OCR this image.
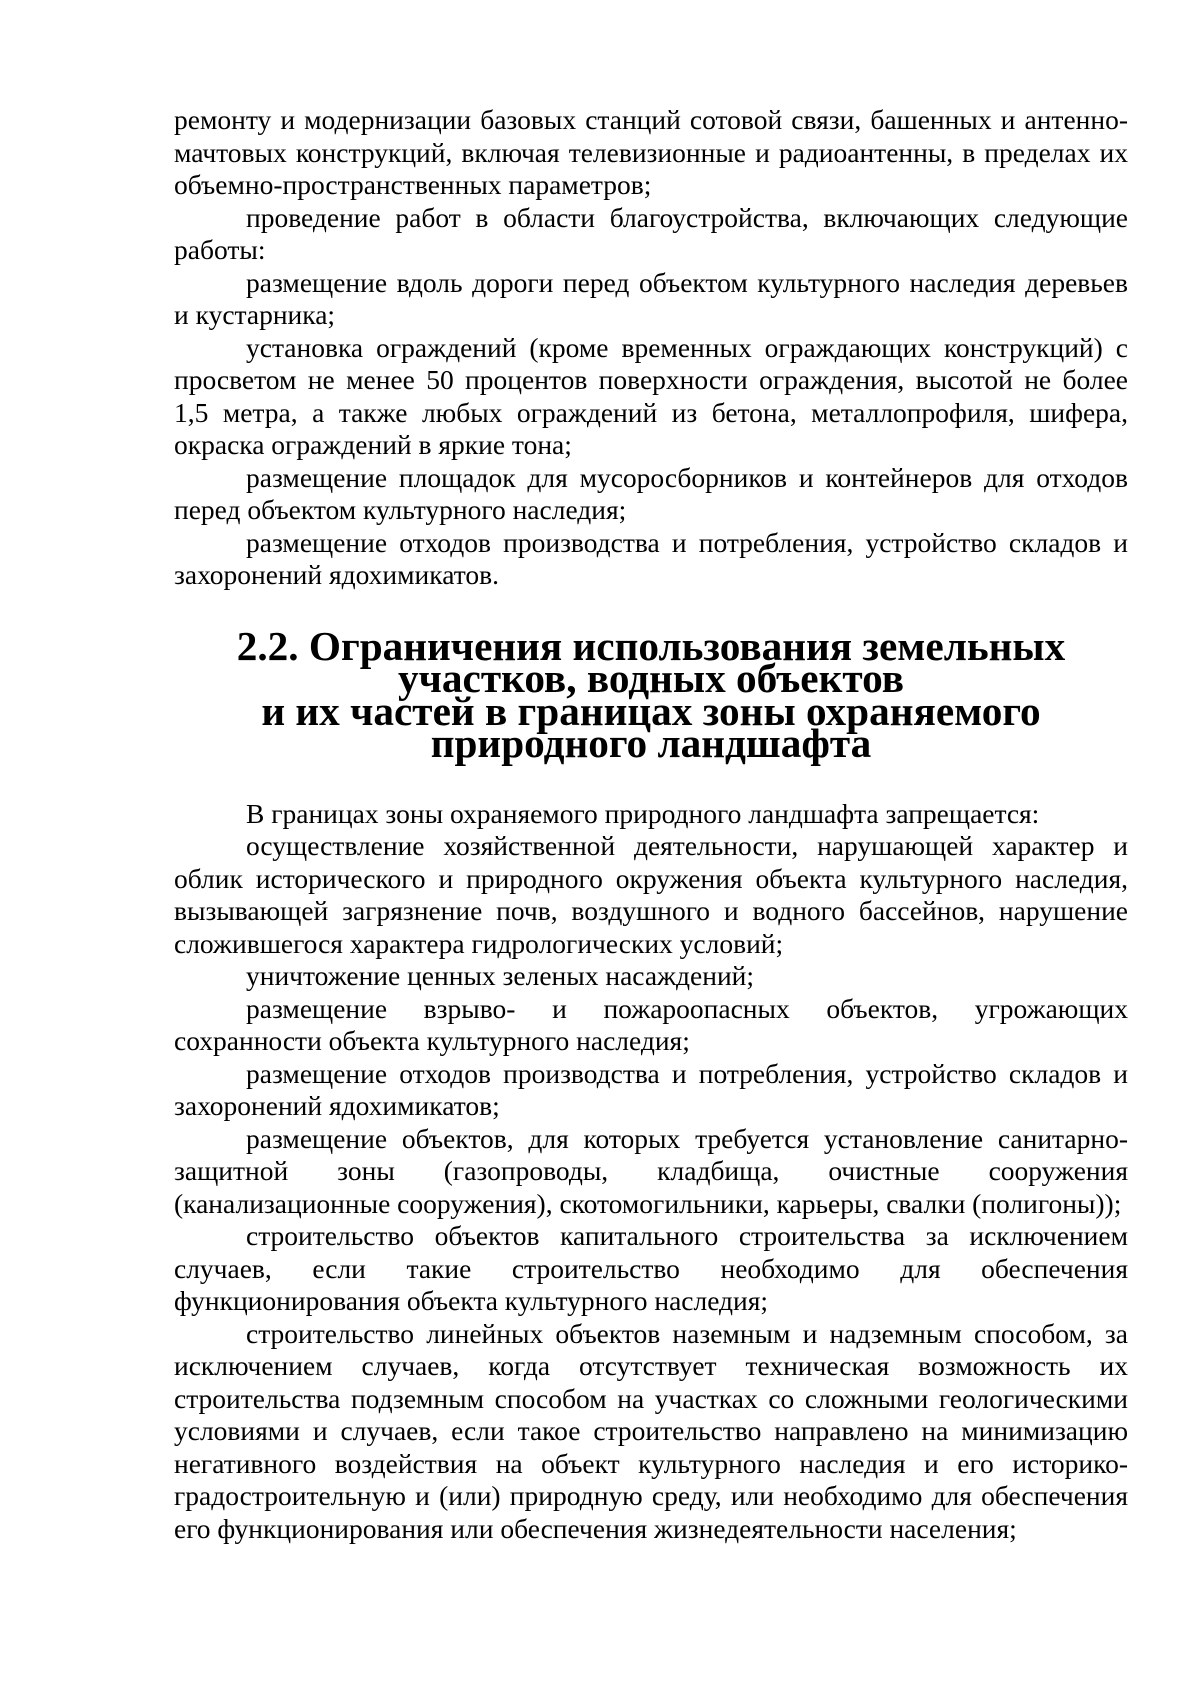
ремонту и модернизации базовых станций сотовой связи, башенных и антенно-мачтовых конструкций, включая телевизионные и радиоантенны, в пределах их объемно-пространственных параметров;

проведение работ в области благоустройства, включающих следующие работы:

размещение вдоль дороги перед объектом культурного наследия деревьев и кустарника;

установка ограждений (кроме временных ограждающих конструкций) с просветом не менее 50 процентов поверхности ограждения, высотой не более 1,5 метра, а также любых ограждений из бетона, металлопрофиля, шифера, окраска ограждений в яркие тона;

размещение площадок для мусоросборников и контейнеров для отходов перед объектом культурного наследия;

размещение отходов производства и потребления, устройство складов и захоронений ядохимикатов.

2.2. Ограничения использования земельных участков, водных объектов
и их частей в границах зоны охраняемого
природного ландшафта

В границах зоны охраняемого природного ландшафта запрещается:

осуществление хозяйственной деятельности, нарушающей характер и облик исторического и природного окружения объекта культурного наследия, вызывающей загрязнение почв, воздушного и водного бассейнов, нарушение сложившегося характера гидрологических условий;

уничтожение ценных зеленых насаждений;

размещение взрыво- и пожароопасных объектов, угрожающих сохранности объекта культурного наследия;

размещение отходов производства и потребления, устройство складов и захоронений ядохимикатов;

размещение объектов, для которых требуется установление санитарно-защитной зоны (газопроводы, кладбища, очистные сооружения (канализационные сооружения), скотомогильники, карьеры, свалки (полигоны));

строительство объектов капитального строительства за исключением случаев, если такие строительство необходимо для обеспечения функционирования объекта культурного наследия;

строительство линейных объектов наземным и надземным способом, за исключением случаев, когда отсутствует техническая возможность их строительства подземным способом на участках со сложными геологическими условиями и случаев, если такое строительство направлено на минимизацию негативного воздействия на объект культурного наследия и его историко-градостроительную и (или) природную среду, или необходимо для обеспечения его функционирования или обеспечения жизнедеятельности населения;
